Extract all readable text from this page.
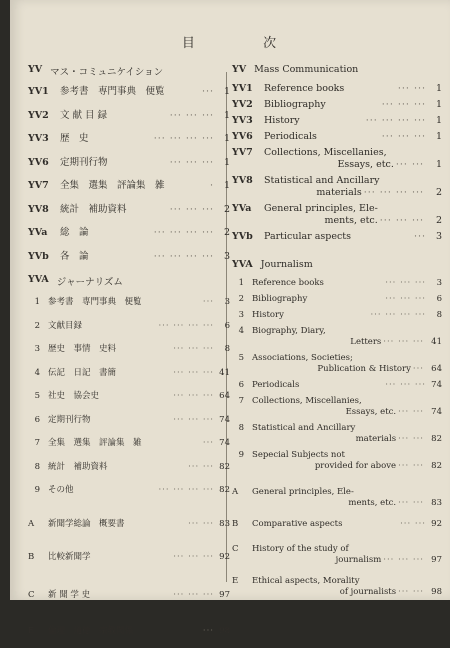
目	次
YV マス・コミュニケイション
YV1	参考書　専門事典　便覧	···	1
YV2	文 献 目 録	··· ··· ···	1
YV3	歴　史	··· ··· ··· ···	1
YV6	定期刊行物	··· ··· ···	1
YV7	全集　選集　評論集　雑	·	1
YV8	統計　補助資料	··· ··· ···	2
YVa	総　論	··· ··· ··· ···	2
YVb	各　論	··· ··· ··· ···	3
YVA ジャーナリズム
1 参考書　専門事典　便覧	···	3
2 文献目録	··· ··· ··· ···	6
3 歴史　事情　史料	··· ··· ···	8
4 伝記　日記　書簡	··· ··· ··· 41
5 社史　協会史	··· ··· ··· 64
6 定期刊行物	··· ··· ··· 74
7 全集　選集　評論集　雑	··· 74
8 統計　補助資料	··· ··· 82
9 その他	··· ··· ··· ··· 82
A	新聞学総論　概要書	··· ··· 83
B	比較新聞学	··· ··· ··· 92
C	新 聞 学 史	··· ··· ··· 97
E	倫理　道徳　宗教関係	··· 98
YV Mass Communication
YV1	Reference books	··· ···	1
YV2	Bibliography	··· ··· ···	1
YV3	History	··· ··· ··· ···	1
YV6	Periodicals	··· ··· ···	1
YV7	Collections, Miscellanies,
Essays, etc. ··· ···	1
YV8	Statistical and Ancillary
materials ··· ··· ··· ···	2
YVa	General principles, Ele-
ments, etc. ··· ··· ···	2
YVb	Particular aspects	···	3
YVA Journalism
1 Reference books	··· ··· ···	3
2 Bibliography	··· ··· ···	6
3 History	··· ··· ··· ···	8
4 Biography, Diary,
Letters ··· ··· ··· 41
5 Associations, Societies;
Publication & History ··· 64
6 Periodicals	··· ··· ··· 74
7 Collections, Miscellanies,
Essays, etc. ··· ··· 74
8 Statistical and Ancillary
materials ··· ··· 82
9 Sepecial Subjects not
provided for above ··· ··· 82
A	General principles, Ele-
ments, etc. ··· ··· 83
B	Comparative aspects	··· ··· 92
C	History of the study of
journalism ··· ··· ··· 97
E	Ethical aspects, Morality
of journalists ··· ··· 98
